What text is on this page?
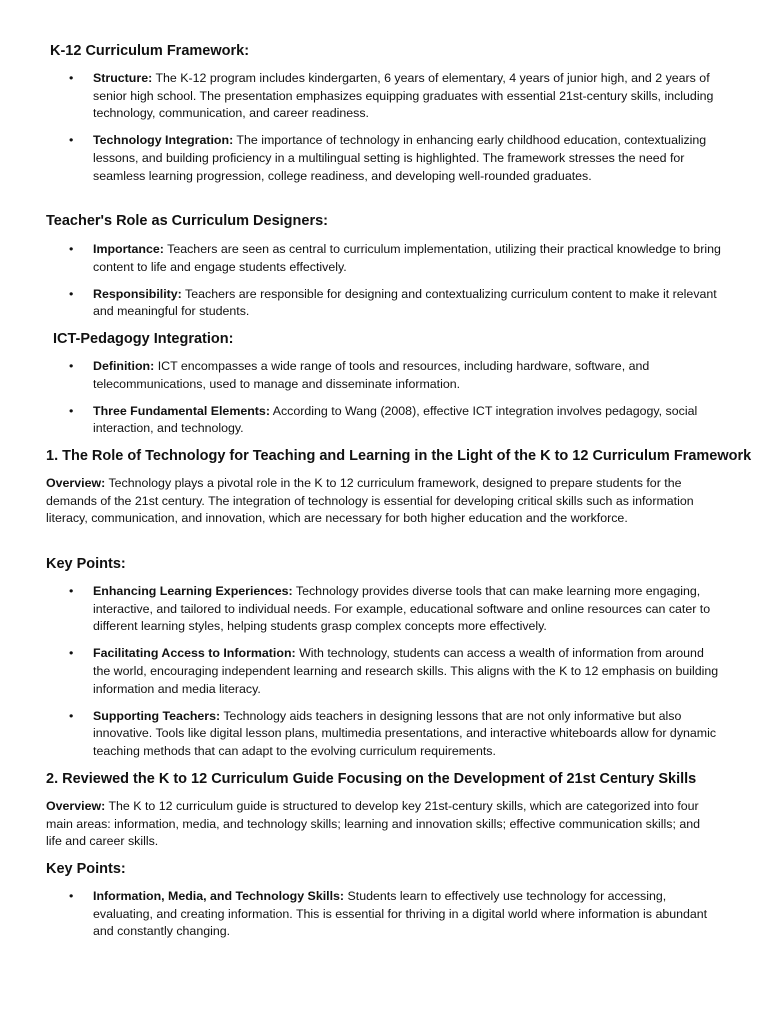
K-12 Curriculum Framework:
• Structure: The K-12 program includes kindergarten, 6 years of elementary, 4 years of junior high, and 2 years of senior high school. The presentation emphasizes equipping graduates with essential 21st-century skills, including technology, communication, and career readiness.
• Technology Integration: The importance of technology in enhancing early childhood education, contextualizing lessons, and building proficiency in a multilingual setting is highlighted. The framework stresses the need for seamless learning progression, college readiness, and developing well-rounded graduates.
Teacher's Role as Curriculum Designers:
• Importance: Teachers are seen as central to curriculum implementation, utilizing their practical knowledge to bring content to life and engage students effectively.
• Responsibility: Teachers are responsible for designing and contextualizing curriculum content to make it relevant and meaningful for students.
ICT-Pedagogy Integration:
• Definition: ICT encompasses a wide range of tools and resources, including hardware, software, and telecommunications, used to manage and disseminate information.
• Three Fundamental Elements: According to Wang (2008), effective ICT integration involves pedagogy, social interaction, and technology.
1. The Role of Technology for Teaching and Learning in the Light of the K to 12 Curriculum Framework

Overview: Technology plays a pivotal role in the K to 12 curriculum framework, designed to prepare students for the demands of the 21st century. The integration of technology is essential for developing critical skills such as information literacy, communication, and innovation, which are necessary for both higher education and the workforce.

Key Points:
• Enhancing Learning Experiences: Technology provides diverse tools that can make learning more engaging, interactive, and tailored to individual needs. For example, educational software and online resources can cater to different learning styles, helping students grasp complex concepts more effectively.
• Facilitating Access to Information: With technology, students can access a wealth of information from around the world, encouraging independent learning and research skills. This aligns with the K to 12 emphasis on building information and media literacy.
• Supporting Teachers: Technology aids teachers in designing lessons that are not only informative but also innovative. Tools like digital lesson plans, multimedia presentations, and interactive whiteboards allow for dynamic teaching methods that can adapt to the evolving curriculum requirements.
2. Reviewed the K to 12 Curriculum Guide Focusing on the Development of 21st Century Skills

Overview: The K to 12 curriculum guide is structured to develop key 21st-century skills, which are categorized into four main areas: information, media, and technology skills; learning and innovation skills; effective communication skills; and life and career skills.

Key Points:
• Information, Media, and Technology Skills: Students learn to effectively use technology for accessing, evaluating, and creating information. This is essential for thriving in a digital world where information is abundant and constantly changing.
